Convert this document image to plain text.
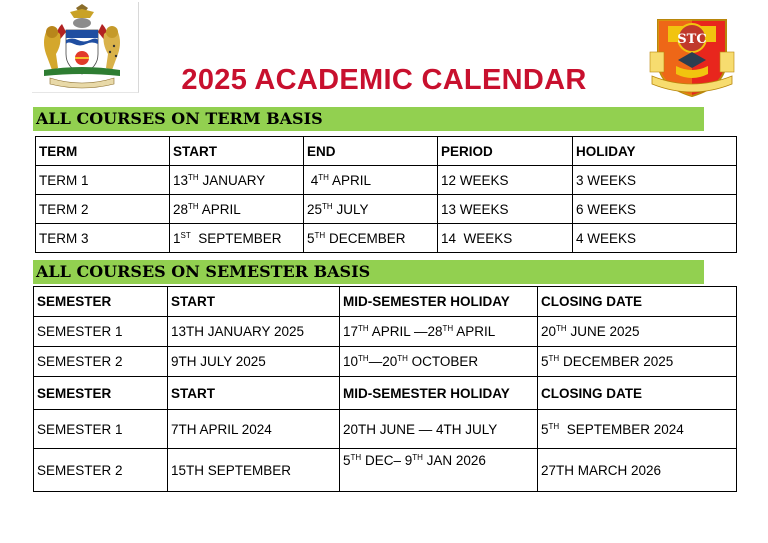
STC
2025 ACADEMIC CALENDAR
ALL COURSES ON TERM BASIS
TERM	START	END	PERIOD	HOLIDAY
TERM 1	13TH JANUARY	4TH APRIL	12 WEEKS	3 WEEKS
TERM 2	28TH APRIL	25TH JULY	13 WEEKS	6 WEEKS
TERM 3	1ST  SEPTEMBER	5TH DECEMBER	14  WEEKS	4 WEEKS
ALL COURSES ON SEMESTER BASIS
SEMESTER	START	MID-SEMESTER HOLIDAY	CLOSING DATE
SEMESTER 1	13TH JANUARY 2025	17TH APRIL —28TH APRIL	20TH JUNE 2025
SEMESTER 2	9TH JULY 2025	10TH—20TH OCTOBER	5TH DECEMBER 2025
SEMESTER	START	MID-SEMESTER HOLIDAY	CLOSING DATE
SEMESTER 1	7TH APRIL 2024	20TH JUNE — 4TH JULY	5TH  SEPTEMBER 2024
SEMESTER 2	15TH SEPTEMBER	5TH DEC– 9TH JAN 2026	27TH MARCH 2026
